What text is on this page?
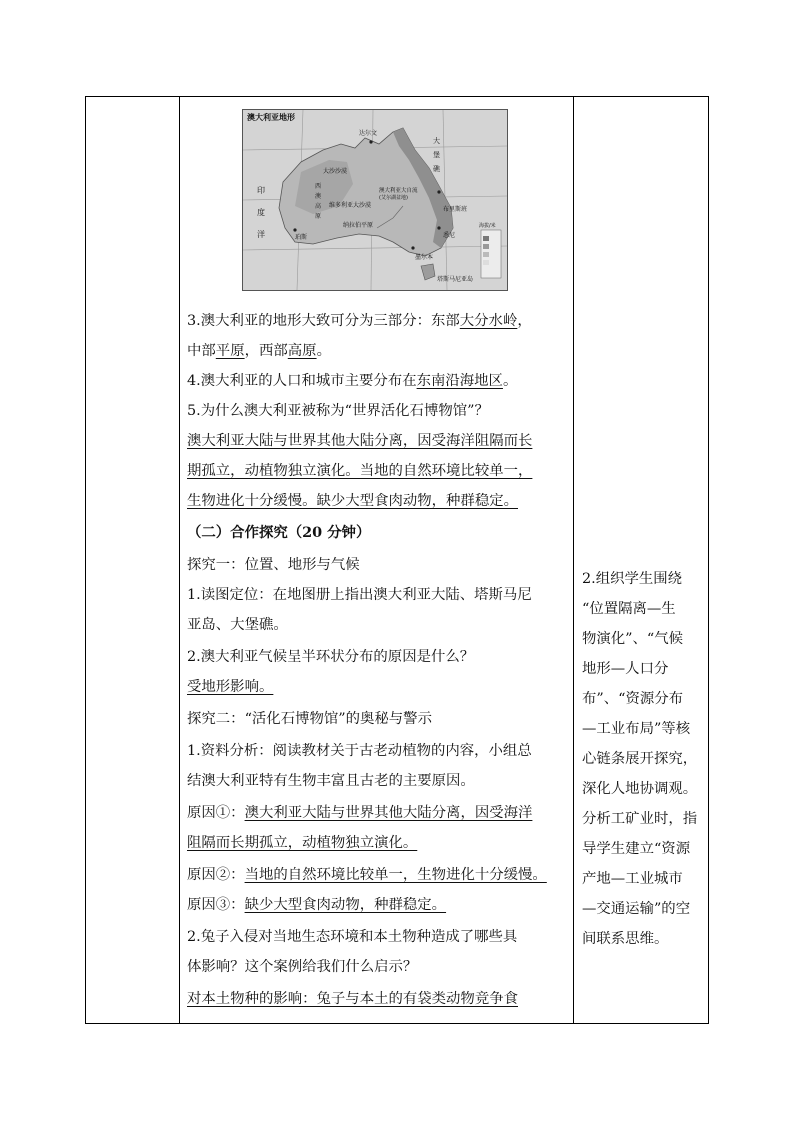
澳大利亚地形
达尔文
大沙沙漠
西
澳
高
原
澳大利亚大自流
(艾尔湖盆地)
维多利亚大沙漠
纳拉伯平原
珀斯
布里斯班
悉尼
墨尔本
塔斯马尼亚岛
大
堡
礁
印
度
洋
海拔/米
3.澳大利亚的地形大致可分为三部分：东部大分水岭，
中部平原，西部高原。
4.澳大利亚的人口和城市主要分布在东南沿海地区。
5.为什么澳大利亚被称为“世界活化石博物馆”？
澳大利亚大陆与世界其他大陆分离，因受海洋阻隔而长
期孤立，动植物独立演化。当地的自然环境比较单一，
生物进化十分缓慢。缺少大型食肉动物，种群稳定。
（二）合作探究（20 分钟）
探究一：位置、地形与气候
1.读图定位：在地图册上指出澳大利亚大陆、塔斯马尼
亚岛、大堡礁。
2.澳大利亚气候呈半环状分布的原因是什么？
受地形影响。
探究二：“活化石博物馆”的奥秘与警示
1.资料分析：阅读教材关于古老动植物的内容，小组总
结澳大利亚特有生物丰富且古老的主要原因。
原因①：澳大利亚大陆与世界其他大陆分离，因受海洋
阻隔而长期孤立，动植物独立演化。
原因②：当地的自然环境比较单一，生物进化十分缓慢。
原因③：缺少大型食肉动物，种群稳定。
2.兔子入侵对当地生态环境和本土物种造成了哪些具
体影响？这个案例给我们什么启示？
对本土物种的影响：兔子与本土的有袋类动物竞争食
2.组织学生围绕
“位置隔离—生
物演化”、“气候
地形—人口分
布”、“资源分布
—工业布局”等核
心链条展开探究，
深化人地协调观。
分析工矿业时，指
导学生建立“资源
产地—工业城市
—交通运输”的空
间联系思维。
